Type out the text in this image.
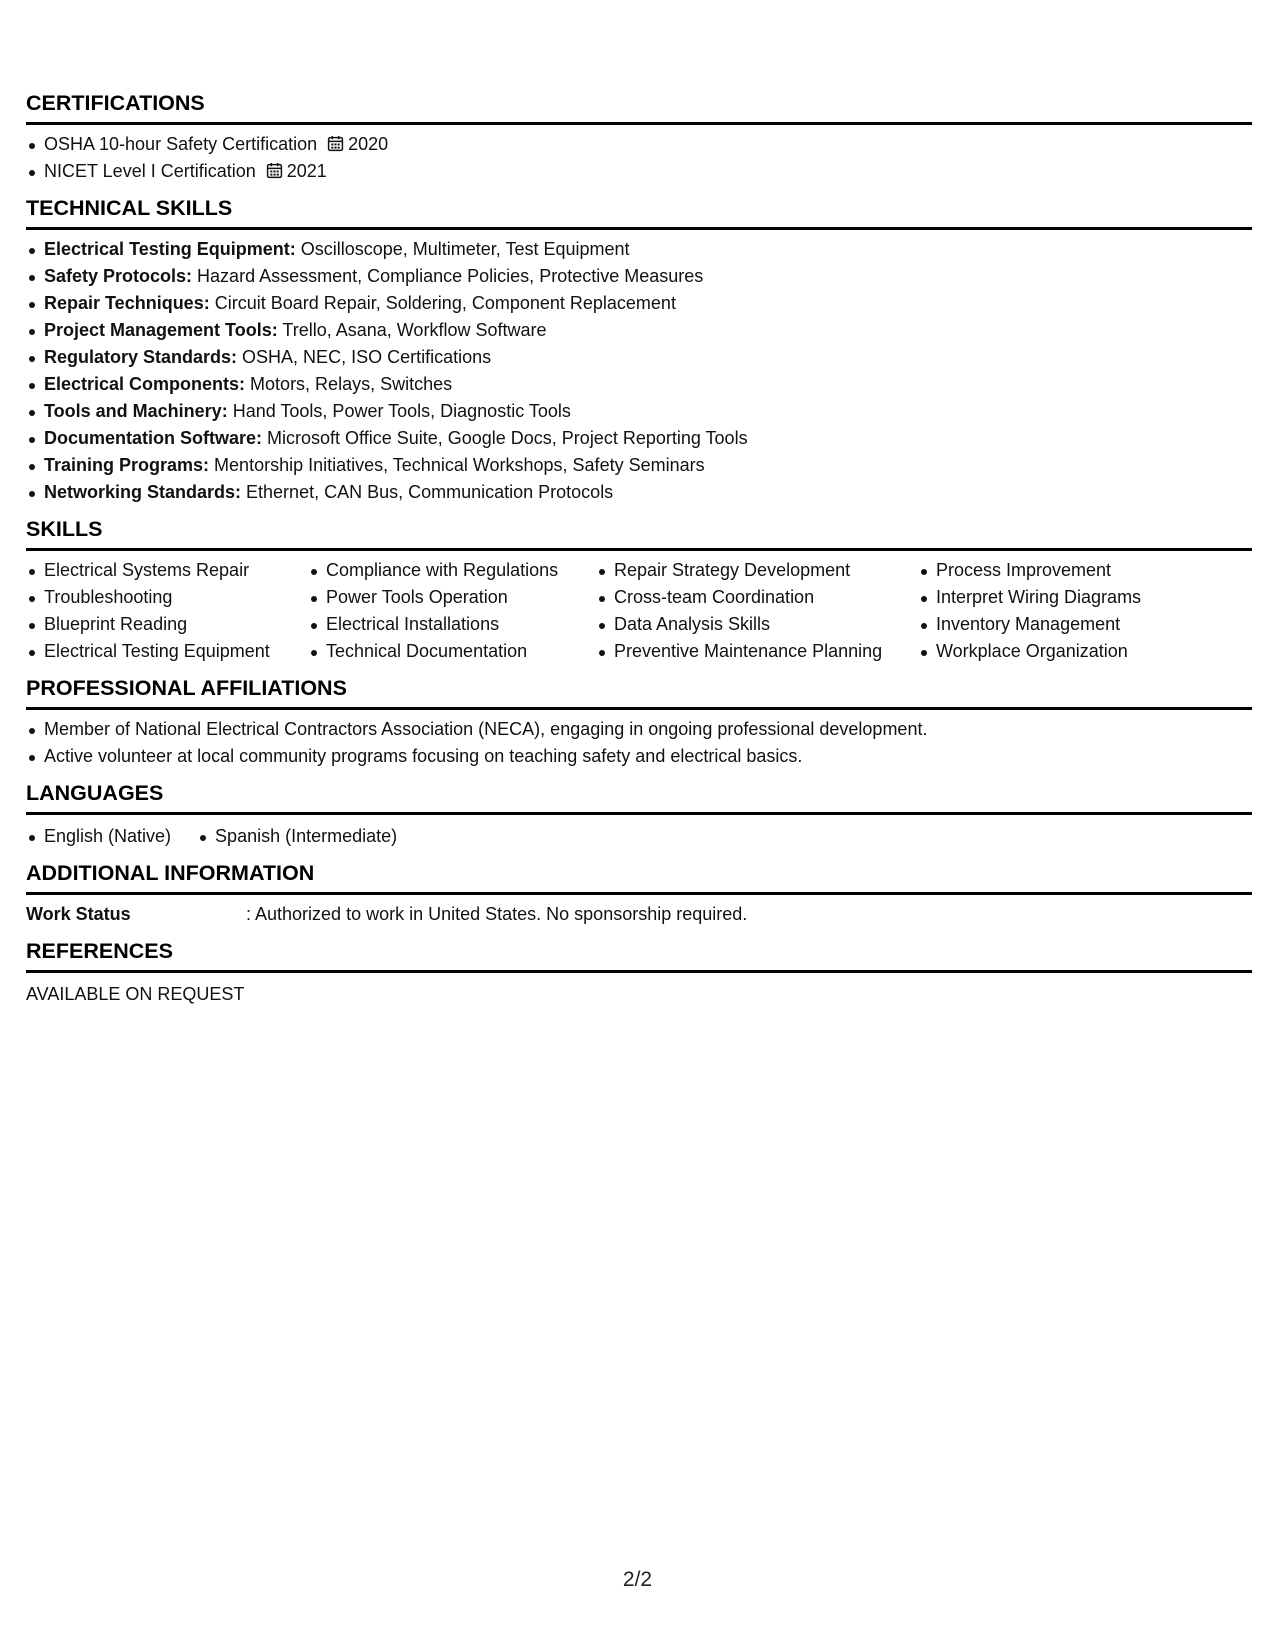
CERTIFICATIONS
OSHA 10-hour Safety Certification 2020
NICET Level I Certification 2021
TECHNICAL SKILLS
Electrical Testing Equipment: Oscilloscope, Multimeter, Test Equipment
Safety Protocols: Hazard Assessment, Compliance Policies, Protective Measures
Repair Techniques: Circuit Board Repair, Soldering, Component Replacement
Project Management Tools: Trello, Asana, Workflow Software
Regulatory Standards: OSHA, NEC, ISO Certifications
Electrical Components: Motors, Relays, Switches
Tools and Machinery: Hand Tools, Power Tools, Diagnostic Tools
Documentation Software: Microsoft Office Suite, Google Docs, Project Reporting Tools
Training Programs: Mentorship Initiatives, Technical Workshops, Safety Seminars
Networking Standards: Ethernet, CAN Bus, Communication Protocols
SKILLS
Electrical Systems Repair
Troubleshooting
Blueprint Reading
Electrical Testing Equipment
Compliance with Regulations
Power Tools Operation
Electrical Installations
Technical Documentation
Repair Strategy Development
Cross-team Coordination
Data Analysis Skills
Preventive Maintenance Planning
Process Improvement
Interpret Wiring Diagrams
Inventory Management
Workplace Organization
PROFESSIONAL AFFILIATIONS
Member of National Electrical Contractors Association (NECA), engaging in ongoing professional development.
Active volunteer at local community programs focusing on teaching safety and electrical basics.
LANGUAGES
English (Native)	Spanish (Intermediate)
ADDITIONAL INFORMATION
Work Status	: Authorized to work in United States. No sponsorship required.
REFERENCES
AVAILABLE ON REQUEST
2/2
